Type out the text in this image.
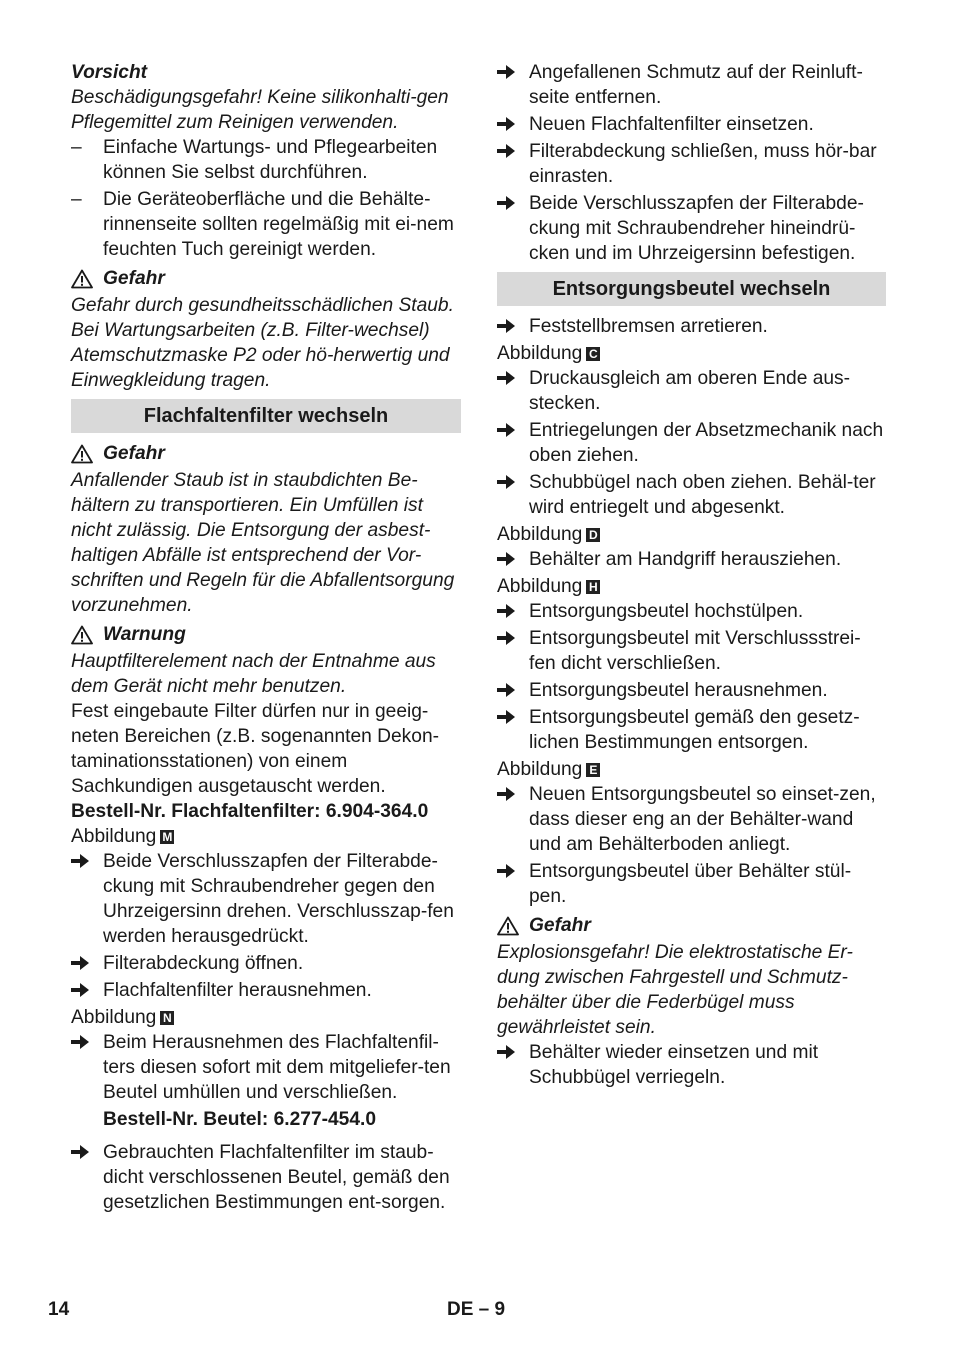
Vorsicht

Beschädigungsgefahr! Keine silikonhalti-gen Pflegemittel zum Reinigen verwenden.

–	Einfache Wartungs- und Pflegearbeiten können Sie selbst durchführen.
–	Die Geräteoberfläche und die Behälte-rinnenseite sollten regelmäßig mit ei-nem feuchten Tuch gereinigt werden.
Gefahr

Gefahr durch gesundheitsschädlichen Staub. Bei Wartungsarbeiten (z.B. Filter-wechsel) Atemschutzmaske P2 oder hö-herwertig und Einwegkleidung tragen.

Flachfaltenfilter wechseln
Gefahr

Anfallender Staub ist in staubdichten Be-hältern zu transportieren. Ein Umfüllen ist nicht zulässig. Die Entsorgung der asbest-haltigen Abfälle ist entsprechend der Vor-schriften und Regeln für die Abfallentsorgung vorzunehmen.

Warnung

Hauptfilterelement nach der Entnahme aus dem Gerät nicht mehr benutzen.

Fest eingebaute Filter dürfen nur in geeig-neten Bereichen (z.B. sogenannten Dekon-taminationsstationen) von einem Sachkundigen ausgetauscht werden.

Bestell-Nr. Flachfaltenfilter: 6.904-364.0

Abbildung M

Beide Verschlusszapfen der Filterabde-ckung mit Schraubendreher gegen den Uhrzeigersinn drehen. Verschlusszap-fen werden herausgedrückt.
Filterabdeckung öffnen.
Flachfaltenfilter herausnehmen.

Abbildung N

Beim Herausnehmen des Flachfaltenfil-ters diesen sofort mit dem mitgeliefer-ten Beutel umhüllen und verschließen.

Bestell-Nr. Beutel: 6.277-454.0

Gebrauchten Flachfaltenfilter im staub-dicht verschlossenen Beutel, gemäß den gesetzlichen Bestimmungen ent-sorgen.
Angefallenen Schmutz auf der Reinluft-seite entfernen.
Neuen Flachfaltenfilter einsetzen.
Filterabdeckung schließen, muss hör-bar einrasten.
Beide Verschlusszapfen der Filterabde-ckung mit Schraubendreher hineindrü-cken und im Uhrzeigersinn befestigen.
Entsorgungsbeutel wechseln
Feststellbremsen arretieren.

Abbildung C

Druckausgleich am oberen Ende aus-stecken.
Entriegelungen der Absetzmechanik nach oben ziehen.
Schubbügel nach oben ziehen. Behäl-ter wird entriegelt und abgesenkt.

Abbildung D

Behälter am Handgriff herausziehen.

Abbildung H

Entsorgungsbeutel hochstülpen.
Entsorgungsbeutel mit Verschlussstrei-fen dicht verschließen.
Entsorgungsbeutel herausnehmen.
Entsorgungsbeutel gemäß den gesetz-lichen Bestimmungen entsorgen.

Abbildung E

Neuen Entsorgungsbeutel so einset-zen, dass dieser eng an der Behälter-wand und am Behälterboden anliegt.
Entsorgungsbeutel über Behälter stül-pen.
Gefahr

Explosionsgefahr! Die elektrostatische Er-dung zwischen Fahrgestell und Schmutz-behälter über die Federbügel muss gewährleistet sein.

Behälter wieder einsetzen und mit Schubbügel verriegeln.
14	DE – 9
